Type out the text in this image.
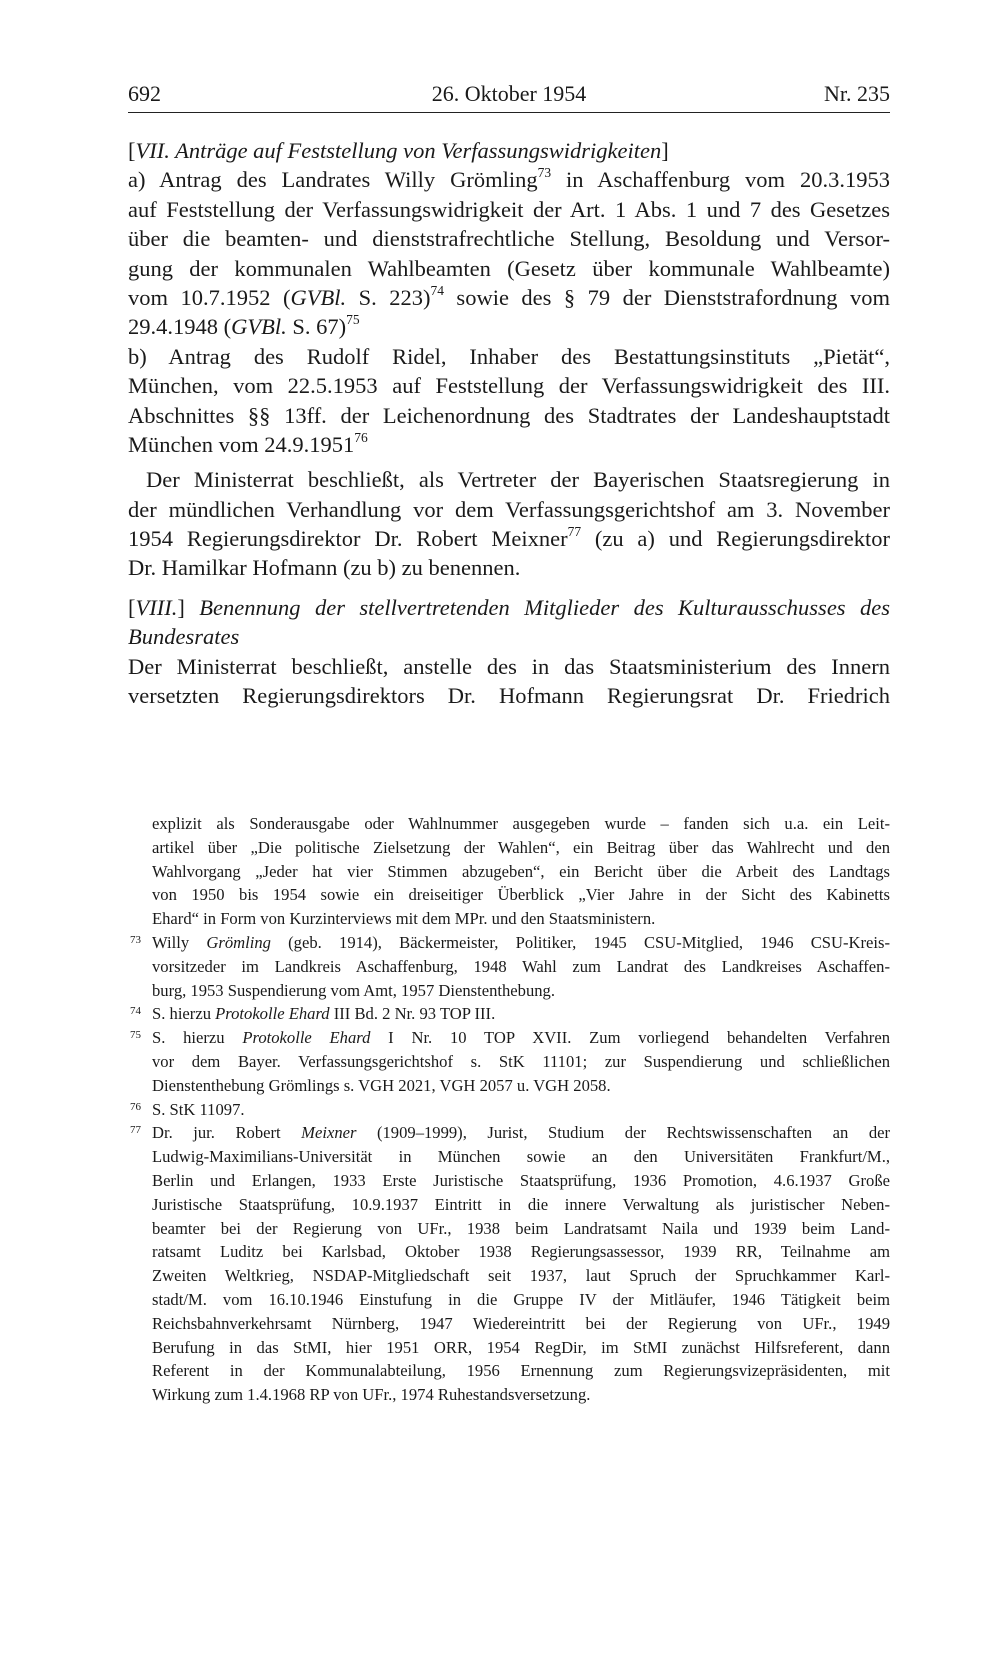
692	26. Oktober 1954	Nr. 235
[VII. Anträge auf Feststellung von Verfassungswidrigkeiten]
a) Antrag des Landrates Willy Grömling$^{73}$ in Aschaffenburg vom 20.3.1953
auf Feststellung der Verfassungswidrigkeit der Art. 1 Abs. 1 und 7 des Gesetzes
über die beamten- und dienststrafrechtliche Stellung, Besoldung und Versor-
gung der kommunalen Wahlbeamten (Gesetz über kommunale Wahlbeamte)
vom 10.7.1952 (GVBl. S. 223)$^{74}$ sowie des § 79 der Dienststrafordnung vom
29.4.1948 (GVBl. S. 67)$^{75}$
b) Antrag des Rudolf Ridel, Inhaber des Bestattungsinstituts „Pietät“,
München, vom 22.5.1953 auf Feststellung der Verfassungswidrigkeit des III.
Abschnittes §§ 13ff. der Leichenordnung des Stadtrates der Landeshauptstadt
München vom 24.9.1951$^{76}$
Der Ministerrat beschließt, als Vertreter der Bayerischen Staatsregierung in
der mündlichen Verhandlung vor dem Verfassungsgerichtshof am 3. November
1954 Regierungsdirektor Dr. Robert Meixner$^{77}$ (zu a) und Regierungsdirektor
Dr. Hamilkar Hofmann (zu b) zu benennen.
[VIII.] Benennung der stellvertretenden Mitglieder des Kulturausschusses des
Bundesrates
Der Ministerrat beschließt, anstelle des in das Staatsministerium des Innern
versetzten Regierungsdirektors Dr. Hofmann Regierungsrat Dr. Friedrich
explizit als Sonderausgabe oder Wahlnummer ausgegeben wurde – fanden sich u.a. ein Leit-
artikel über „Die politische Zielsetzung der Wahlen“, ein Beitrag über das Wahlrecht und den
Wahlvorgang „Jeder hat vier Stimmen abzugeben“, ein Bericht über die Arbeit des Landtags
von 1950 bis 1954 sowie ein dreiseitiger Überblick „Vier Jahre in der Sicht des Kabinetts
Ehard“ in Form von Kurzinterviews mit dem MPr. und den Staatsministern.
73 Willy Grömling (geb. 1914), Bäckermeister, Politiker, 1945 CSU-Mitglied, 1946 CSU-Kreis-
vorsitzeder im Landkreis Aschaffenburg, 1948 Wahl zum Landrat des Landkreises Aschaffen-
burg, 1953 Suspendierung vom Amt, 1957 Dienstenthebung.
74 S. hierzu Protokolle Ehard III Bd. 2 Nr. 93 TOP III.
75 S. hierzu Protokolle Ehard I Nr. 10 TOP XVII. Zum vorliegend behandelten Verfahren
vor dem Bayer. Verfassungsgerichtshof s. StK 11101; zur Suspendierung und schließlichen
Dienstenthebung Grömlings s. VGH 2021, VGH 2057 u. VGH 2058.
76 S. StK 11097.
77 Dr. jur. Robert Meixner (1909–1999), Jurist, Studium der Rechtswissenschaften an der
Ludwig-Maximilians-Universität in München sowie an den Universitäten Frankfurt/M.,
Berlin und Erlangen, 1933 Erste Juristische Staatsprüfung, 1936 Promotion, 4.6.1937 Große
Juristische Staatsprüfung, 10.9.1937 Eintritt in die innere Verwaltung als juristischer Neben-
beamter bei der Regierung von UFr., 1938 beim Landratsamt Naila und 1939 beim Land-
ratsamt Luditz bei Karlsbad, Oktober 1938 Regierungsassessor, 1939 RR, Teilnahme am
Zweiten Weltkrieg, NSDAP-Mitgliedschaft seit 1937, laut Spruch der Spruchkammer Karl-
stadt/M. vom 16.10.1946 Einstufung in die Gruppe IV der Mitläufer, 1946 Tätigkeit beim
Reichsbahnverkehrsamt Nürnberg, 1947 Wiedereintritt bei der Regierung von UFr., 1949
Berufung in das StMI, hier 1951 ORR, 1954 RegDir, im StMI zunächst Hilfsreferent, dann
Referent in der Kommunalabteilung, 1956 Ernennung zum Regierungsvizepräsidenten, mit
Wirkung zum 1.4.1968 RP von UFr., 1974 Ruhestandsversetzung.
